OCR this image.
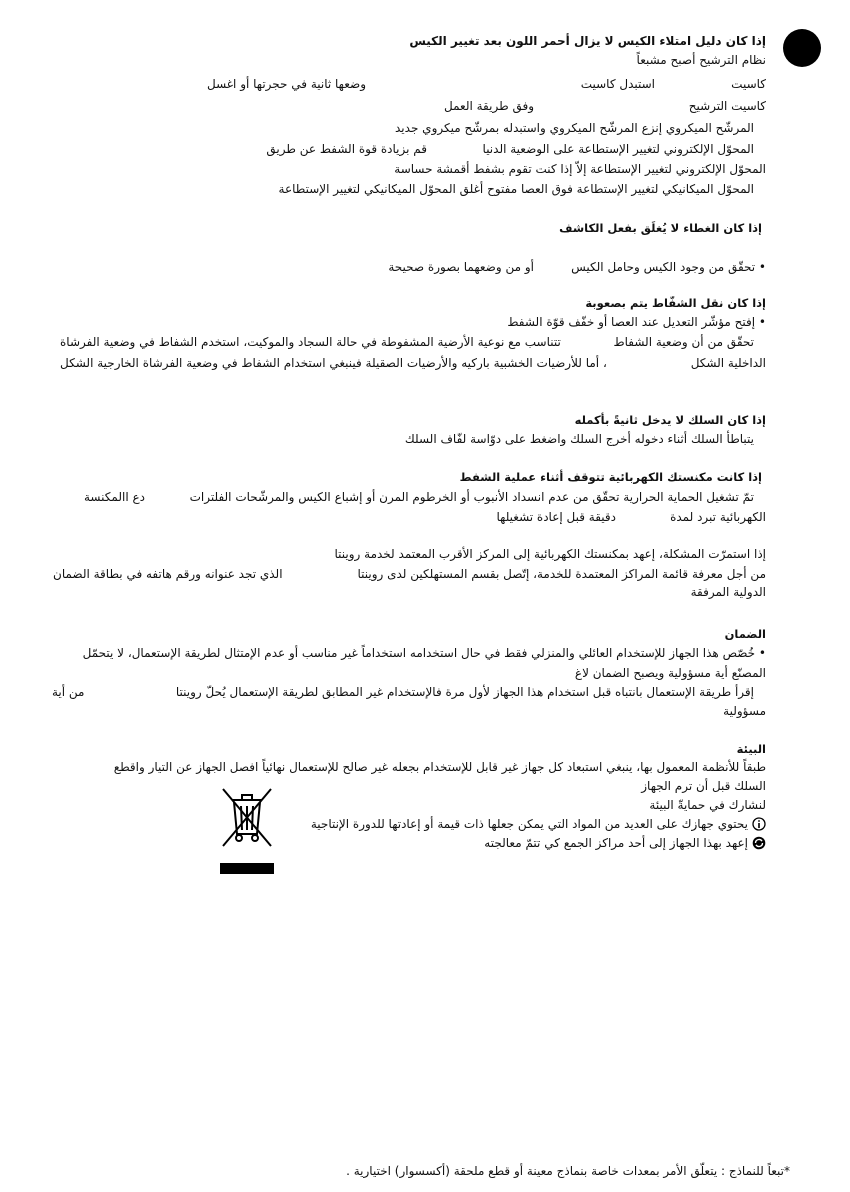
إذا كان دليل امتلاء الكيس لا يزال أحمر اللون بعد تغيير الكيس
نظام الترشيح أصبح مشبعاً
كاسيت
استبدل كاسيت
وضعها ثانية في حجرتها أو اغسل
كاسيت الترشيح
وفق طريقة العمل
المرشّح الميكروي إنزع المرشّح الميكروي واستبدله بمرشّح ميكروي جديد
المحوّل الإلكتروني لتغيير الإستطاعة على الوضعية الدنيا
قم بزيادة قوة الشفط عن طريق
المحوّل الإلكتروني لتغيير الإستطاعة إلاّ إذا كنت تقوم بشفط أقمشة حساسة
المحوّل الميكانيكي لتغيير الإستطاعة فوق العصا مفتوح أغلق المحوّل الميكانيكي لتغيير الإستطاعة
إذا كان الغطاء لا يُغلَق بفعل الكاشف
• تحقّق من وجود الكيس وحامل الكيس
أو من وضعهما بصورة صحيحة
إذا كان نقل الشفّاط يتم بصعوبة
• إفتح مؤشّر التعديل عند العصا أو خفّف قوّة الشفط
تحقّق من أن وضعية الشفاط
تتناسب مع نوعية الأرضية المشفوطة في حالة السجاد والموكيت، استخدم الشفاط في وضعية الفرشاة
الداخلية الشكل
، أما للأرضيات الخشبية باركيه والأرضيات الصقيلة فينبغي استخدام الشفاط في وضعية الفرشاة الخارجية الشكل
إذا كان السلك لا يدخل ثانيةً بأكمله
يتباطأ السلك أثناء دخوله أخرج السلك واضغط على دوّاسة لفّاف السلك
إذا كانت مكنستك الكهربائية تتوقف أثناء عملية الشفط
تمّ تشغيل الحماية الحرارية تحقّق من عدم انسداد الأنبوب أو الخرطوم المرن أو إشباع الكيس والمرشّحات الفلترات
دع االمكنسة
الكهربائية تبرد لمدة
دقيقة قبل إعادة تشغيلها
إذا استمرّت المشكلة، إعهد بمكنستك الكهربائية إلى المركز الأقرب المعتمد لخدمة روينتا
من أجل معرفة قائمة المراكز المعتمدة للخدمة، إتّصل بقسم المستهلكين لدى روينتا
الذي تجد عنوانه ورقم هاتفه في بطاقة الضمان
الدولية المرفقة
الضمان
• خُصّص هذا الجهاز للإستخدام العائلي والمنزلي فقط في حال استخدامه استخداماً غير مناسب أو عدم الإمتثال لطريقة الإستعمال، لا يتحمّل
المصنّع أية مسؤولية ويصبح الضمان لاغ
إقرأ طريقة الإستعمال بانتباه قبل استخدام هذا الجهاز لأول مرة فالإستخدام غير المطابق لطريقة الإستعمال يُحلّ روينتا
من أية
مسؤولية
البيئة
طبقاً للأنظمة المعمول بها، ينبغي استبعاد كل جهاز غير قابل للإستخدام بجعله غير صالح للإستعمال نهائياً افصل الجهاز عن التيار واقطع
السلك قبل أن ترم الجهاز
لنشارك في حمايةّ البيئة
يحتوي جهازك على العديد من المواد التي يمكن جعلها ذات قيمة أو إعادتها للدورة الإنتاجية
إعهد بهذا الجهاز إلى أحد مراكز الجمع كي تتمّ معالجته
*تبعاً للنماذج : يتعلّق الأمر بمعدات خاصة بنماذج معينة أو قطع ملحقة (أكسسوار) اختيارية .
